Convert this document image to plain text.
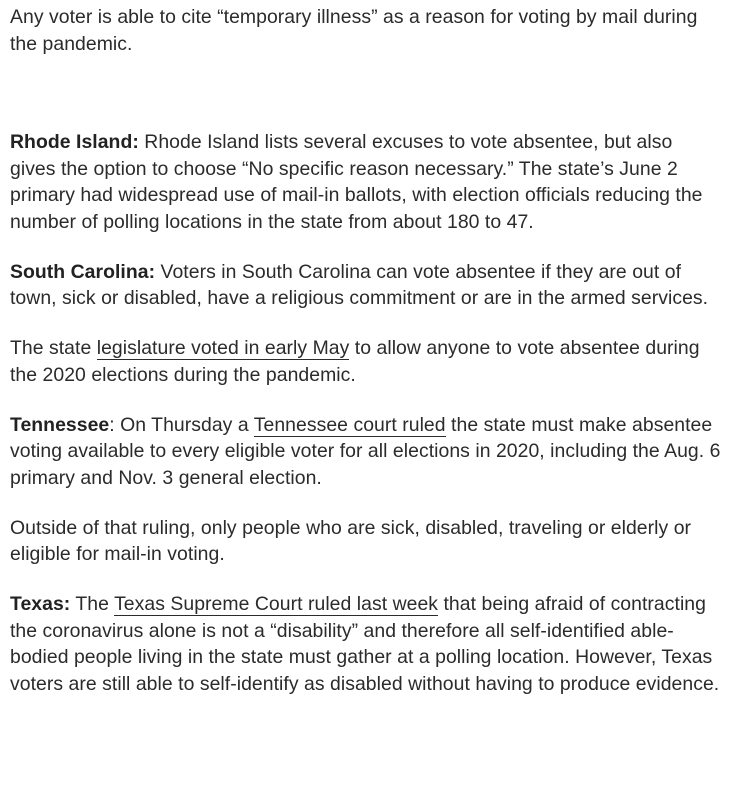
Any voter is able to cite “temporary illness” as a reason for voting by mail during the pandemic.

Rhode Island: Rhode Island lists several excuses to vote absentee, but also gives the option to choose “No specific reason necessary.” The state’s June 2 primary had widespread use of mail-in ballots, with election officials reducing the number of polling locations in the state from about 180 to 47.

South Carolina: Voters in South Carolina can vote absentee if they are out of town, sick or disabled, have a religious commitment or are in the armed services.

The state legislature voted in early May to allow anyone to vote absentee during the 2020 elections during the pandemic.

Tennessee: On Thursday a Tennessee court ruled the state must make absentee voting available to every eligible voter for all elections in 2020, including the Aug. 6 primary and Nov. 3 general election.

Outside of that ruling, only people who are sick, disabled, traveling or elderly or eligible for mail-in voting.

Texas: The Texas Supreme Court ruled last week that being afraid of contracting the coronavirus alone is not a “disability” and therefore all self-identified able-bodied people living in the state must gather at a polling location. However, Texas voters are still able to self-identify as disabled without having to produce evidence.
